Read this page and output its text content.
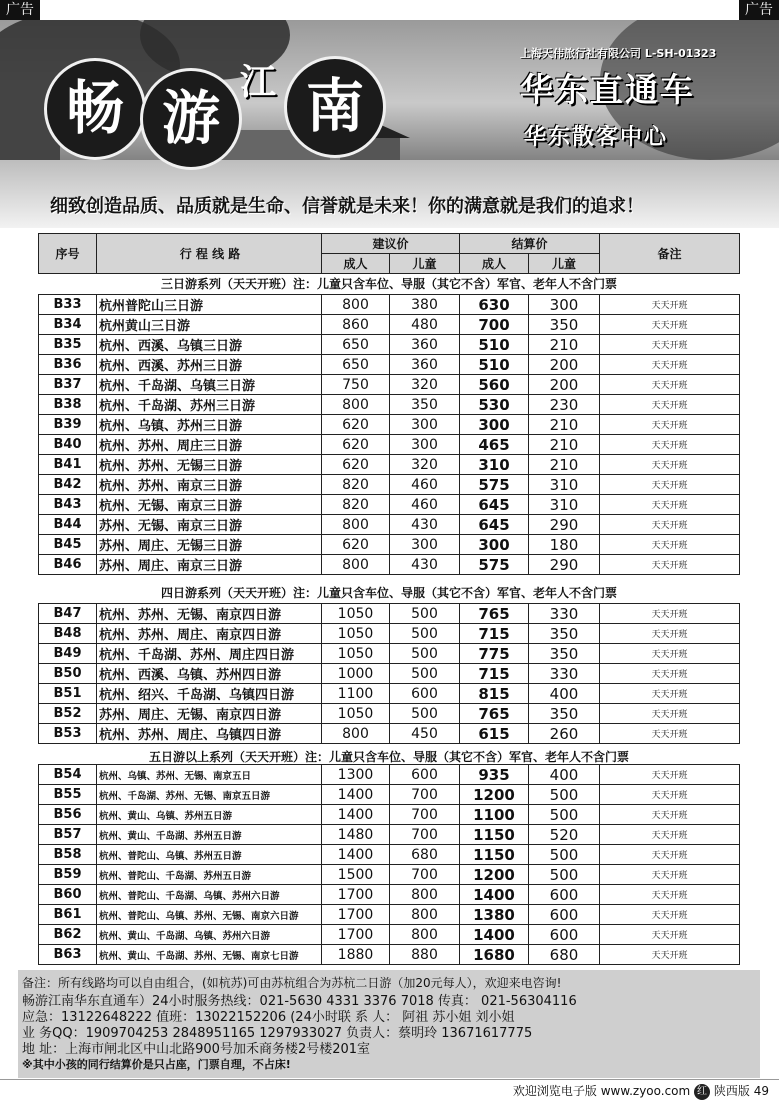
广告	广告
畅 游
江 南
上海天伟旅行社有限公司 L-SH-01323
华东直通车
华东散客中心
细致创造品质、品质就是生命、信誉就是未来！你的满意就是我们的追求！
序号	行 程 线 路	建议价		结算价		备注
		成人	儿童	成人	儿童	
三日游系列（天天开班）注：儿童只含车位、导服（其它不含）军官、老年人不含门票
B33	杭州普陀山三日游	800	380	630	300	天天开班
B34	杭州黄山三日游	860	480	700	350	天天开班
B35	杭州、西溪、乌镇三日游	650	360	510	210	天天开班
B36	杭州、西溪、苏州三日游	650	360	510	200	天天开班
B37	杭州、千岛湖、乌镇三日游	750	320	560	200	天天开班
B38	杭州、千岛湖、苏州三日游	800	350	530	230	天天开班
B39	杭州、乌镇、苏州三日游	620	300	300	210	天天开班
B40	杭州、苏州、周庄三日游	620	300	465	210	天天开班
B41	杭州、苏州、无锡三日游	620	320	310	210	天天开班
B42	杭州、苏州、南京三日游	820	460	575	310	天天开班
B43	杭州、无锡、南京三日游	820	460	645	310	天天开班
B44	苏州、无锡、南京三日游	800	430	645	290	天天开班
B45	苏州、周庄、无锡三日游	620	300	300	180	天天开班
B46	苏州、周庄、南京三日游	800	430	575	290	天天开班
四日游系列（天天开班）注：儿童只含车位、导服（其它不含）军官、老年人不含门票
B47	杭州、苏州、无锡、南京四日游	1050	500	765	330	天天开班
B48	杭州、苏州、周庄、南京四日游	1050	500	715	350	天天开班
B49	杭州、千岛湖、苏州、周庄四日游	1050	500	775	350	天天开班
B50	杭州、西溪、乌镇、苏州四日游	1000	500	715	330	天天开班
B51	杭州、绍兴、千岛湖、乌镇四日游	1100	600	815	400	天天开班
B52	苏州、周庄、无锡、南京四日游	1050	500	765	350	天天开班
B53	杭州、苏州、周庄、乌镇四日游	800	450	615	260	天天开班
五日游以上系列（天天开班）注：儿童只含车位、导服（其它不含）军官、老年人不含门票
B54	杭州、乌镇、苏州、无锡、南京五日	1300	600	935	400	天天开班
B55	杭州、千岛湖、苏州、无锡、南京五日游	1400	700	1200	500	天天开班
B56	杭州、黄山、乌镇、苏州五日游	1400	700	1100	500	天天开班
B57	杭州、黄山、千岛湖、苏州五日游	1480	700	1150	520	天天开班
B58	杭州、普陀山、乌镇、苏州五日游	1400	680	1150	500	天天开班
B59	杭州、普陀山、千岛湖、苏州五日游	1500	700	1200	500	天天开班
B60	杭州、普陀山、千岛湖、乌镇、苏州六日游	1700	800	1400	600	天天开班
B61	杭州、普陀山、乌镇、苏州、无锡、南京六日游	1700	800	1380	600	天天开班
B62	杭州、黄山、千岛湖、乌镇、苏州六日游	1700	800	1400	600	天天开班
B63	杭州、黄山、千岛湖、苏州、无锡、南京七日游	1880	880	1680	680	天天开班
备注：所有线路均可以自由组合，(如杭苏)可由苏杭组合为苏杭二日游（加20元每人），欢迎来电咨询!
畅游江南华东直通车）24小时服务热线：021-5630 4331 3376 7018 传真： 021-56304116
应急：13122648222 值班：13022152206 (24小时联 系 人： 阿祖 苏小姐 刘小姐
业 务QQ：1909704253 2848951165 1297933027 负责人：蔡明玲 13671617775
地 址：上海市闸北区中山北路900号加禾商务楼2号楼201室
※其中小孩的同行结算价是只占座，门票自理，不占床!
欢迎浏览电子版 www.zyoo.com 红 陕西版 49
